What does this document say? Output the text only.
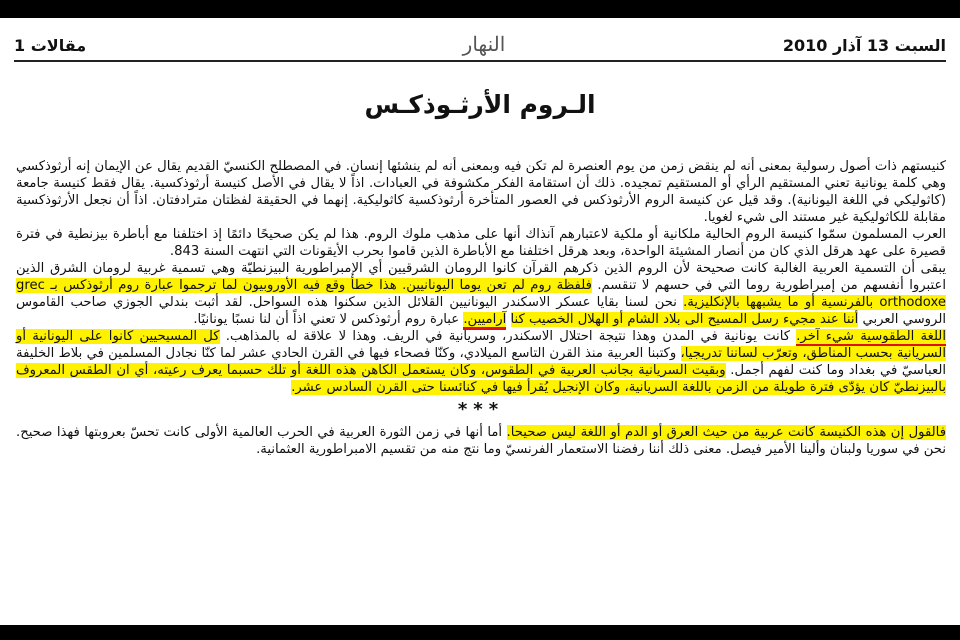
مقالات 1	النهار	السبت 13 آذار 2010
الـروم الأرثـوذكـس

كنيستهم ذات أصول رسولية بمعنى أنه لم ينقض زمن من يوم العنصرة لم تكن فيه وبمعنى أنه لم ينشئها إنسان. في المصطلح الكنسيّ القديم يقال عن الإيمان إنه أرثوذكسي وهي كلمة يونانية تعني المستقيم الرأي أو المستقيم تمجيده. ذلك أن استقامة الفكر مكشوفة في العبادات. اذاً لا يقال في الأصل كنيسة أرثوذكسية. يقال فقط كنيسة جامعة (كاثوليكي في اللغة اليونانية). وقد قيل عن كنيسة الروم الأرثوذكس في العصور المتأخرة أرثوذكسية كاثوليكية. إنهما في الحقيقة لفظتان مترادفتان. اذاً أن نجعل الأرثوذكسية مقابلة للكاثوليكية غير مستند الى شيء لغويا.

العرب المسلمون سمّوا كنيسة الروم الحالية ملكانية أو ملكية لاعتبارهم آنذاك أنها على مذهب ملوك الروم. هذا لم يكن صحيحًا دائمًا إذ اختلفنا مع أباطرة بيزنطية في فترة قصيرة على عهد هرقل الذي كان من أنصار المشيئة الواحدة، وبعد هرقل اختلفنا مع الأباطرة الذين قاموا بحرب الأيقونات التي انتهت السنة 843.

يبقى أن التسمية العربية الغالبة كانت صحيحة لأن الروم الذين ذكرهم القرآن كانوا الرومان الشرقيين أي الإمبراطورية البيزنطيّة وهي تسمية غربية لرومان الشرق الذين اعتبروا أنفسهم من إمبراطورية روما التي في حسهم لا تنقسم. فلفظة روم لم تعن يوما اليونانيين. هذا خطأ وقع فيه الأوروبيون لما ترجموا عبارة روم أرثوذكس بـ grec orthodoxe بالفرنسية أو ما يشبهها بالإنكليزية. نحن لسنا بقايا عسكر الاسكندر اليونانيين القلائل الذين سكنوا هذه السواحل. لقد أثبت بندلي الجوزي صاحب القاموس الروسي العربي أننا عند مجيء رسل المسيح الى بلاد الشام أو الهلال الخصيب كنا آراميين. عبارة روم أرثوذكس لا تعني اذاً أن لنا نسبًا يونانيًا.

اللغة الطقوسية شيء آخر. كانت يونانية في المدن وهذا نتيجة احتلال الاسكندر، وسريانية في الريف. وهذا لا علاقة له بالمذاهب. كل المسيحيين كانوا على اليونانية أو السريانية بحسب المناطق، وتعرّب لساننا تدريجيا، وكتبنا العربية منذ القرن التاسع الميلادي، وكنّا فصحاء فيها في القرن الحادي عشر لما كنّا نجادل المسلمين في بلاط الخليفة العباسيّ في بغداد وما كنت لفهم أجمل. وبقيت السريانية بجانب العربية في الطقوس، وكان يستعمل الكاهن هذه اللغة أو تلك حسبما يعرف رعيته، أي ان الطقس المعروف بالبيزنطيّ كان يؤدّى فترة طويلة من الزمن باللغة السريانية، وكان الإنجيل يُقرأ فيها في كنائسنا حتى القرن السادس عشر.

***

فالقول إن هذه الكنيسة كانت عربية من حيث العرق أو الدم أو اللغة ليس صحيحا. أما أنها في زمن الثورة العربية في الحرب العالمية الأولى كانت تحسّ بعروبتها فهذا صحيح. نحن في سوريا ولبنان وألينا الأمير فيصل. معنى ذلك أننا رفضنا الاستعمار الفرنسيّ وما نتج منه من تقسيم الامبراطورية العثمانية.
